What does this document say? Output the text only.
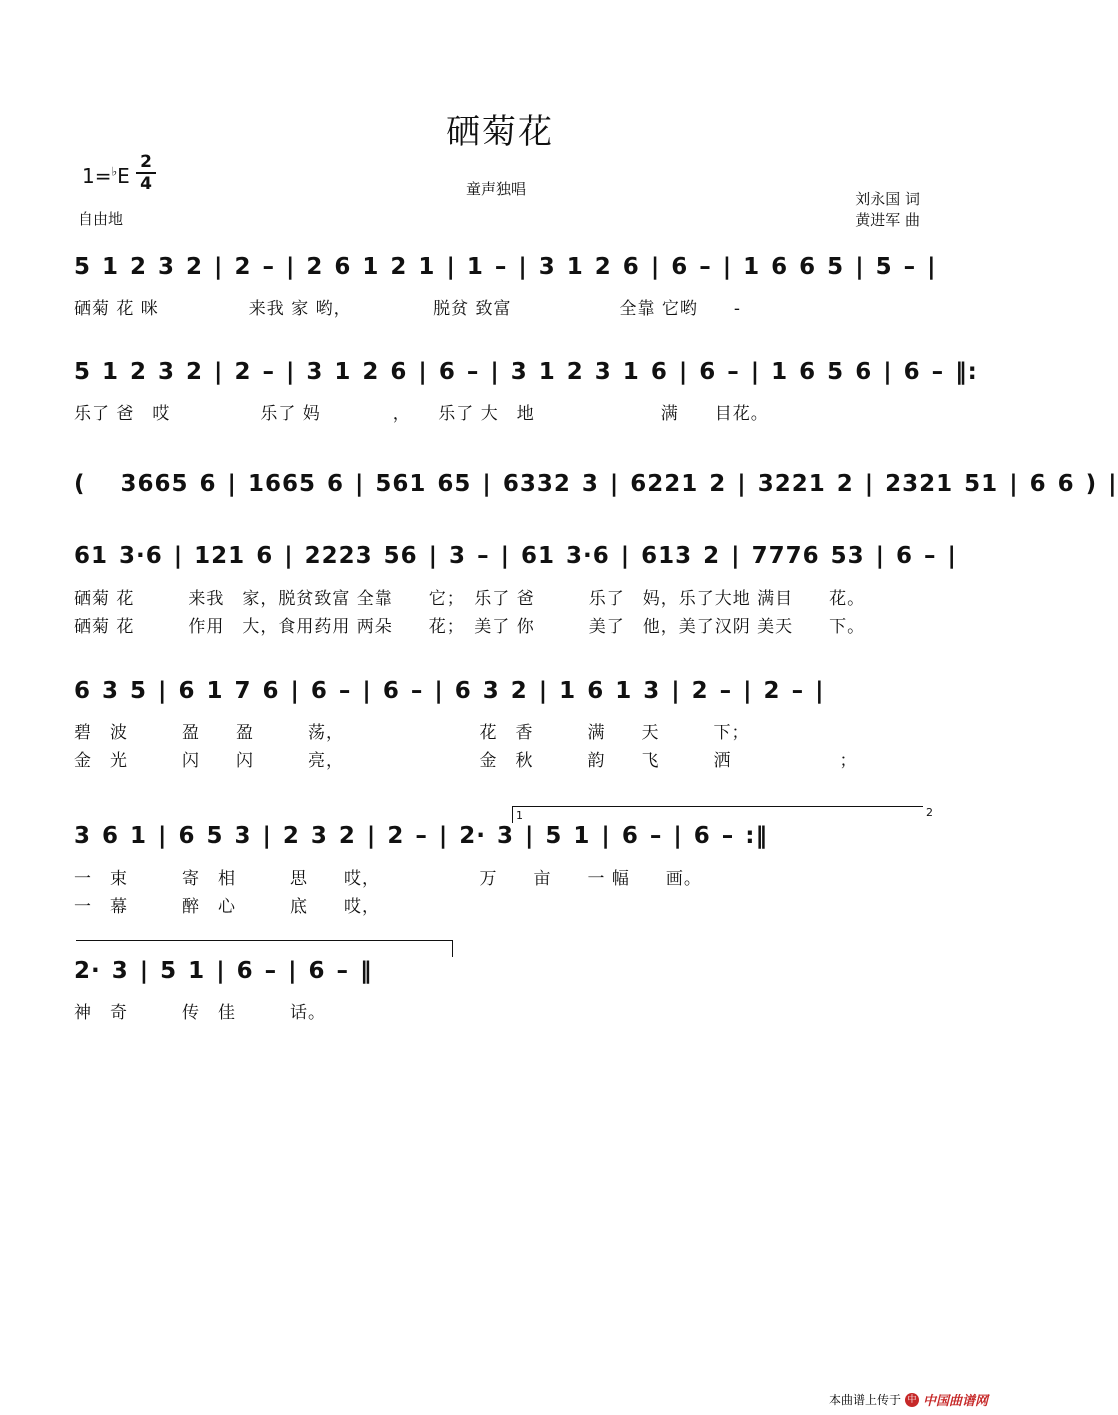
硒菊花
1=♭E
2
4	童声独唱
自由地
刘永国 词
黄进军 曲
5 1 2 3 2 | 2 – | 2 6 1 2 1 | 1 – | 3 1 2 6 | 6 – | 1 6 6 5 | 5 – |
硒菊 花 咪　　　　　来我 家 哟，　　　　　脱贫 致富　　　　　　全靠 它哟　　-
5 1 2 3 2 | 2 – | 3 1 2 6 | 6 – | 3 1 2 3 1 6 | 6 – | 1 6 5 6 | 6 – ‖:
乐了 爸　哎　　　　　乐了 妈　　　　，　　乐了 大　地　　　　　　　满　　目花。
(　 3665 6 | 1665 6 | 561 65 | 6332 3 | 6221 2 | 3221 2 | 2321 51 | 6 6 ) |
61 3·6 | 121 6 | 2223 56 | 3 – | 61 3·6 | 613 2 | 7776 53 | 6 – |
硒菊 花　　　来我　家，脱贫致富 全靠　　它；　乐了 爸　　　乐了　妈，乐了大地 满目　　花。
硒菊 花　　　作用　大，食用药用 两朵　　花；　美了 你　　　美了　他，美了汉阴 美天　　下。
6 3 5 | 6 1 7 6 | 6 – | 6 – | 6 3 2 | 1 6 1 3 | 2 – | 2 – |
碧　波　　　盈　　盈　　　荡，　　　　　　　　花　香　　　满　　天　　　下；
金　光　　　闪　　闪　　　亮，　　　　　　　　金　秋　　　韵　　飞　　　洒　　　　　　；
1	2
3 6 1 | 6 5 3 | 2 3 2 | 2 – | 2· 3 | 5 1 | 6 – | 6 – :‖
一　束　　　寄　相　　　思　　哎，　　　　　　万　　亩　　一 幅　　画。
一　幕　　　醉　心　　　底　　哎，
2· 3 | 5 1 | 6 – | 6 – ‖
神　奇　　　传　佳　　　话。
本曲谱上传于 中 中国曲谱网
